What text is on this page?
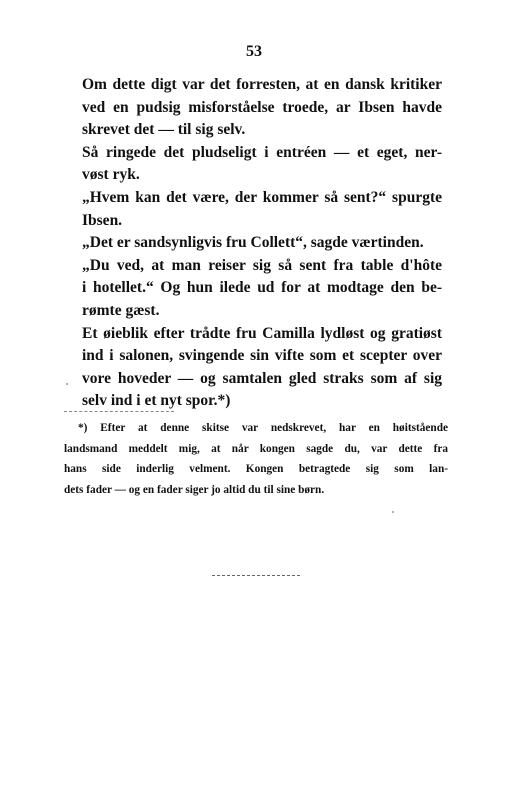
53

Om dette digt var det forresten, at en dansk kritiker
ved en pudsig misforståelse troede, ar Ibsen havde
skrevet det — til sig selv.

Så ringede det pludseligt i entréen — et eget, ner-
vøst ryk.

„Hvem kan det være, der kommer så sent?“ spurgte
Ibsen.

„Det er sandsynligvis fru Collett“, sagde værtinden.

„Du ved, at man reiser sig så sent fra table d'hôte
i hotellet.“ Og hun ilede ud for at modtage den be-
rømte gæst.

Et øieblik efter trådte fru Camilla lydløst og gratiøst
ind i salonen, svingende sin vifte som et scepter over
vore hoveder — og samtalen gled straks som af sig
selv ind i et nyt spor.*)

*) Efter at denne skitse var nedskrevet, har en høitstående
landsmand meddelt mig, at når kongen sagde du, var dette fra
hans side inderlig velment. Kongen betragtede sig som lan-
dets fader — og en fader siger jo altid du til sine børn.
